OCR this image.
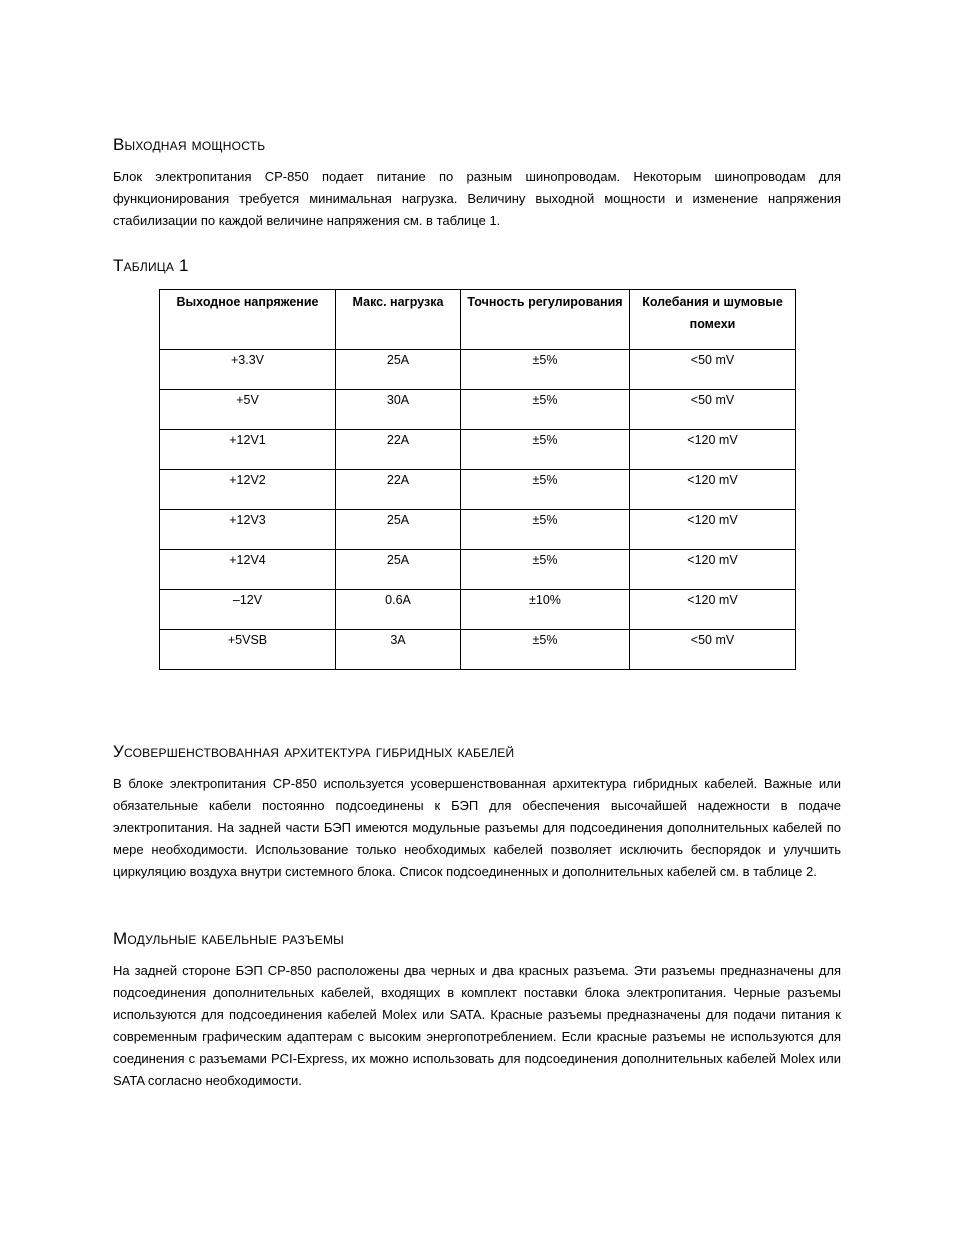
Выходная мощность

Блок электропитания CP-850 подает питание по разным шинопроводам. Некоторым шинопроводам для функционирования требуется минимальная нагрузка. Величину выходной мощности и изменение напряжения стабилизации по каждой величине напряжения см. в таблице 1.

Таблица 1
Выходное напряжение	Макс. нагрузка	Точность регулирования	Колебания и шумовые помехи
+3.3V	25A	±5%	<50 mV
+5V	30A	±5%	<50 mV
+12V1	22A	±5%	<120 mV
+12V2	22A	±5%	<120 mV
+12V3	25A	±5%	<120 mV
+12V4	25A	±5%	<120 mV
–12V	0.6A	±10%	<120 mV
+5VSB	3A	±5%	<50 mV
Усовершенствованная архитектура гибридных кабелей

В блоке электропитания CP-850 используется усовершенствованная архитектура гибридных кабелей. Важные или обязательные кабели постоянно подсоединены к БЭП для обеспечения высочайшей надежности в подаче электропитания. На задней части БЭП имеются модульные разъемы для подсоединения дополнительных кабелей по мере необходимости. Использование только необходимых кабелей позволяет исключить беспорядок и улучшить циркуляцию воздуха внутри системного блока. Список подсоединенных и дополнительных кабелей см. в таблице 2.

Модульные кабельные разъемы

На задней стороне БЭП CP-850 расположены два черных и два красных разъема. Эти разъемы предназначены для подсоединения дополнительных кабелей, входящих в комплект поставки блока электропитания. Черные разъемы используются для подсоединения кабелей Molex или SATA. Красные разъемы предназначены для подачи питания к современным графическим адаптерам с высоким энергопотреблением. Если красные разъемы не используются для соединения с разъемами PCI-Express, их можно использовать для подсоединения дополнительных кабелей Molex или SATA согласно необходимости.
